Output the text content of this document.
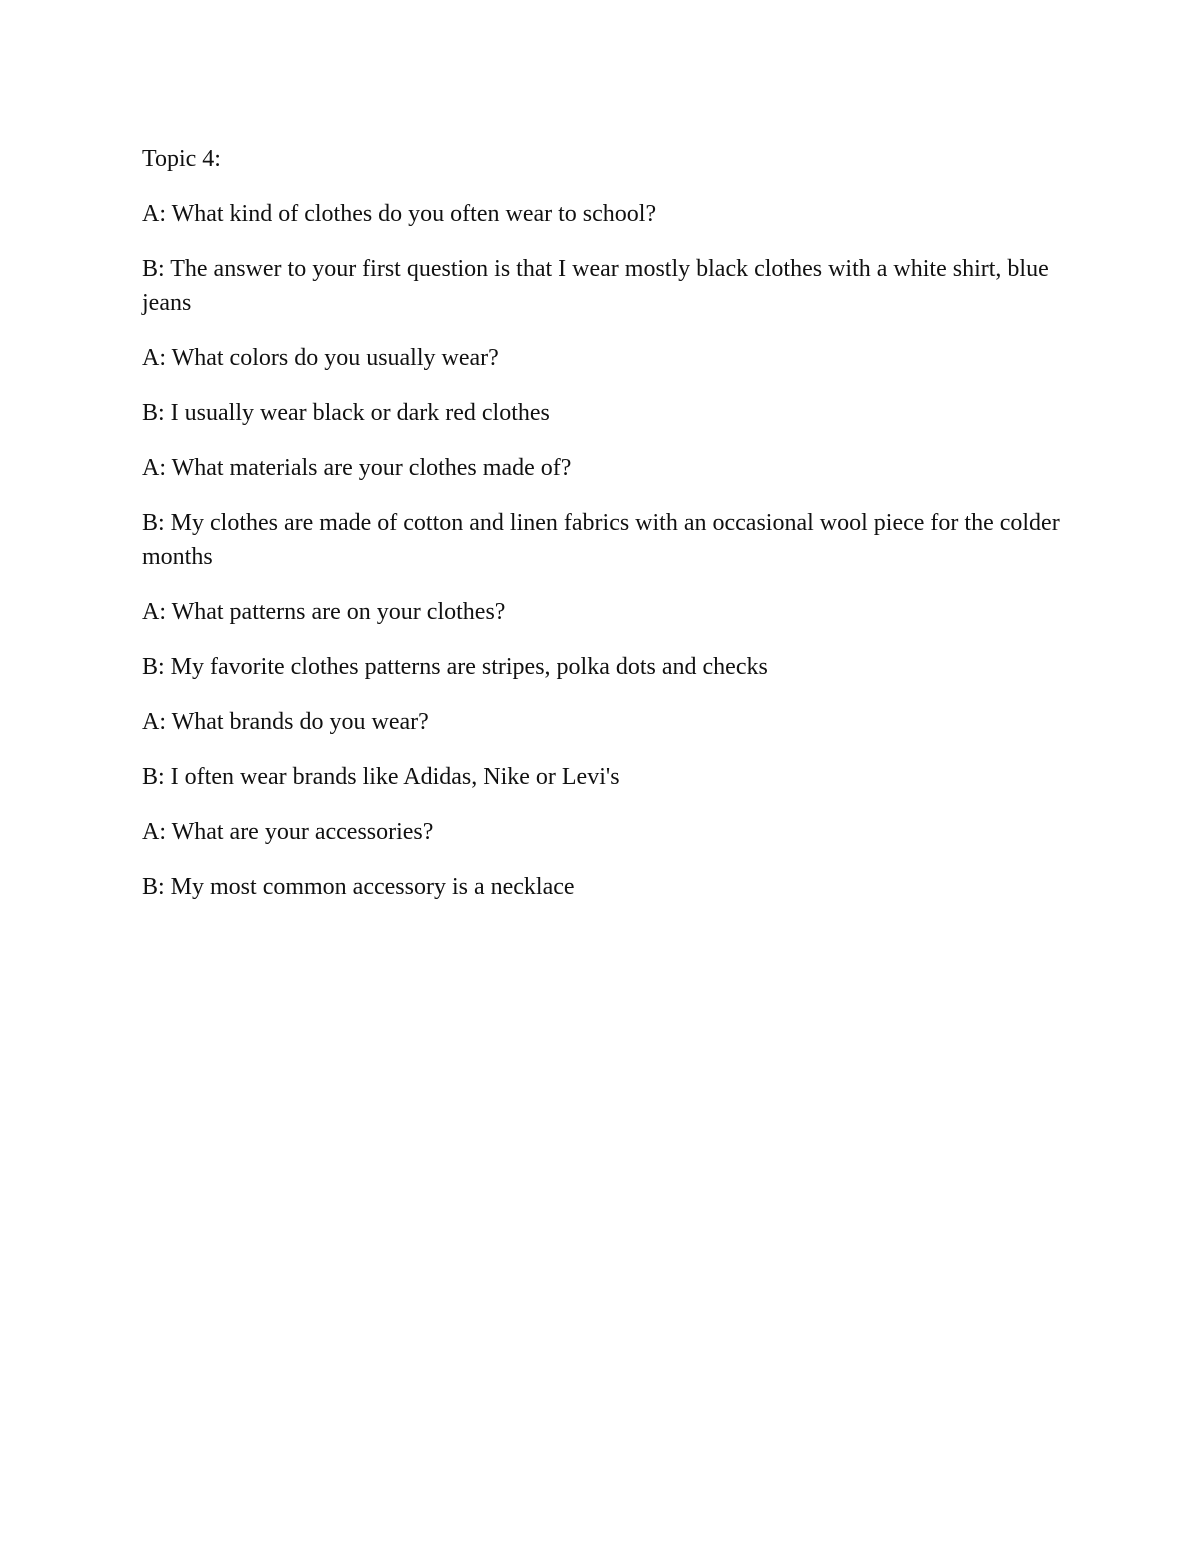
Topic 4:

A: What kind of clothes do you often wear to school?

B: The answer to your first question is that I wear mostly black clothes with a white shirt, blue jeans

A: What colors do you usually wear?

B: I usually wear black or dark red clothes

A: What materials are your clothes made of?

B: My clothes are made of cotton and linen fabrics with an occasional wool piece for the colder months

A: What patterns are on your clothes?

B: My favorite clothes patterns are stripes, polka dots and checks

A: What brands do you wear?

B: I often wear brands like Adidas, Nike or Levi's

A: What are your accessories?

B: My most common accessory is a necklace
